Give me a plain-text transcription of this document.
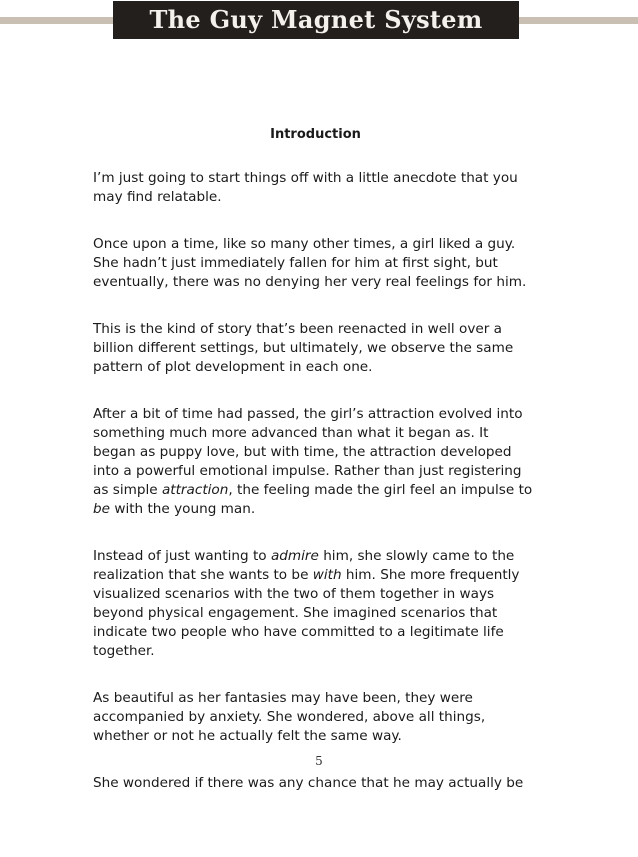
The Guy Magnet System
Introduction
I’m just going to start things off with a little anecdote that you
may find relatable.
Once upon a time, like so many other times, a girl liked a guy.
She hadn’t just immediately fallen for him at first sight, but
eventually, there was no denying her very real feelings for him.
This is the kind of story that’s been reenacted in well over a
billion different settings, but ultimately, we observe the same
pattern of plot development in each one.
After a bit of time had passed, the girl’s attraction evolved into
something much more advanced than what it began as. It
began as puppy love, but with time, the attraction developed
into a powerful emotional impulse. Rather than just registering
as simple attraction, the feeling made the girl feel an impulse to
be with the young man.
Instead of just wanting to admire him, she slowly came to the
realization that she wants to be with him. She more frequently
visualized scenarios with the two of them together in ways
beyond physical engagement. She imagined scenarios that
indicate two people who have committed to a legitimate life
together.
As beautiful as her fantasies may have been, they were
accompanied by anxiety. She wondered, above all things,
whether or not he actually felt the same way.
She wondered if there was any chance that he may actually be
5
